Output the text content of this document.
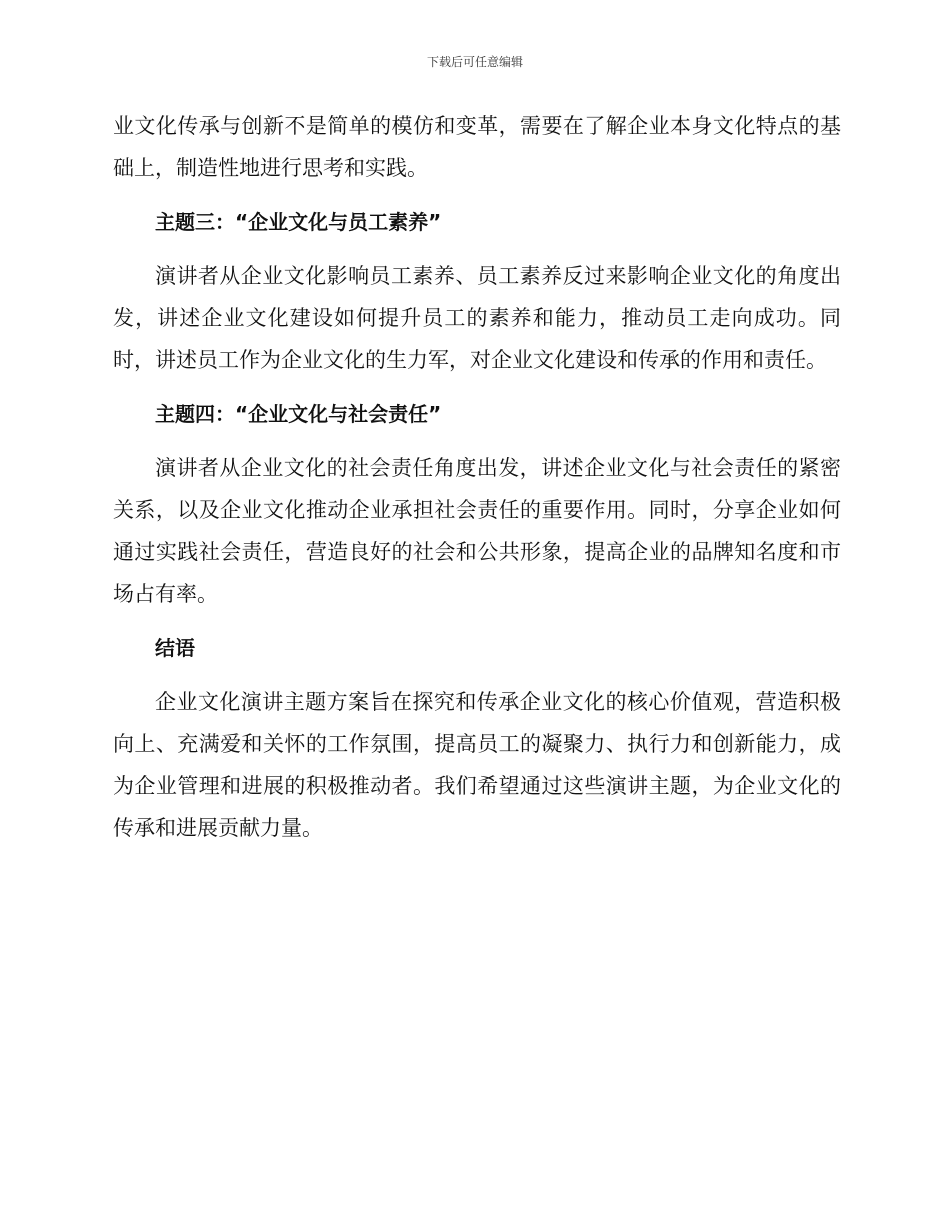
下载后可任意编辑

业文化传承与创新不是简单的模仿和变革，需要在了解企业本身文化特点的基础上，制造性地进行思考和实践。

主题三：“企业文化与员工素养”

演讲者从企业文化影响员工素养、员工素养反过来影响企业文化的角度出发，讲述企业文化建设如何提升员工的素养和能力，推动员工走向成功。同时，讲述员工作为企业文化的生力军，对企业文化建设和传承的作用和责任。

主题四：“企业文化与社会责任”

演讲者从企业文化的社会责任角度出发，讲述企业文化与社会责任的紧密关系，以及企业文化推动企业承担社会责任的重要作用。同时，分享企业如何通过实践社会责任，营造良好的社会和公共形象，提高企业的品牌知名度和市场占有率。

结语

企业文化演讲主题方案旨在探究和传承企业文化的核心价值观，营造积极向上、充满爱和关怀的工作氛围，提高员工的凝聚力、执行力和创新能力，成为企业管理和进展的积极推动者。我们希望通过这些演讲主题，为企业文化的传承和进展贡献力量。
